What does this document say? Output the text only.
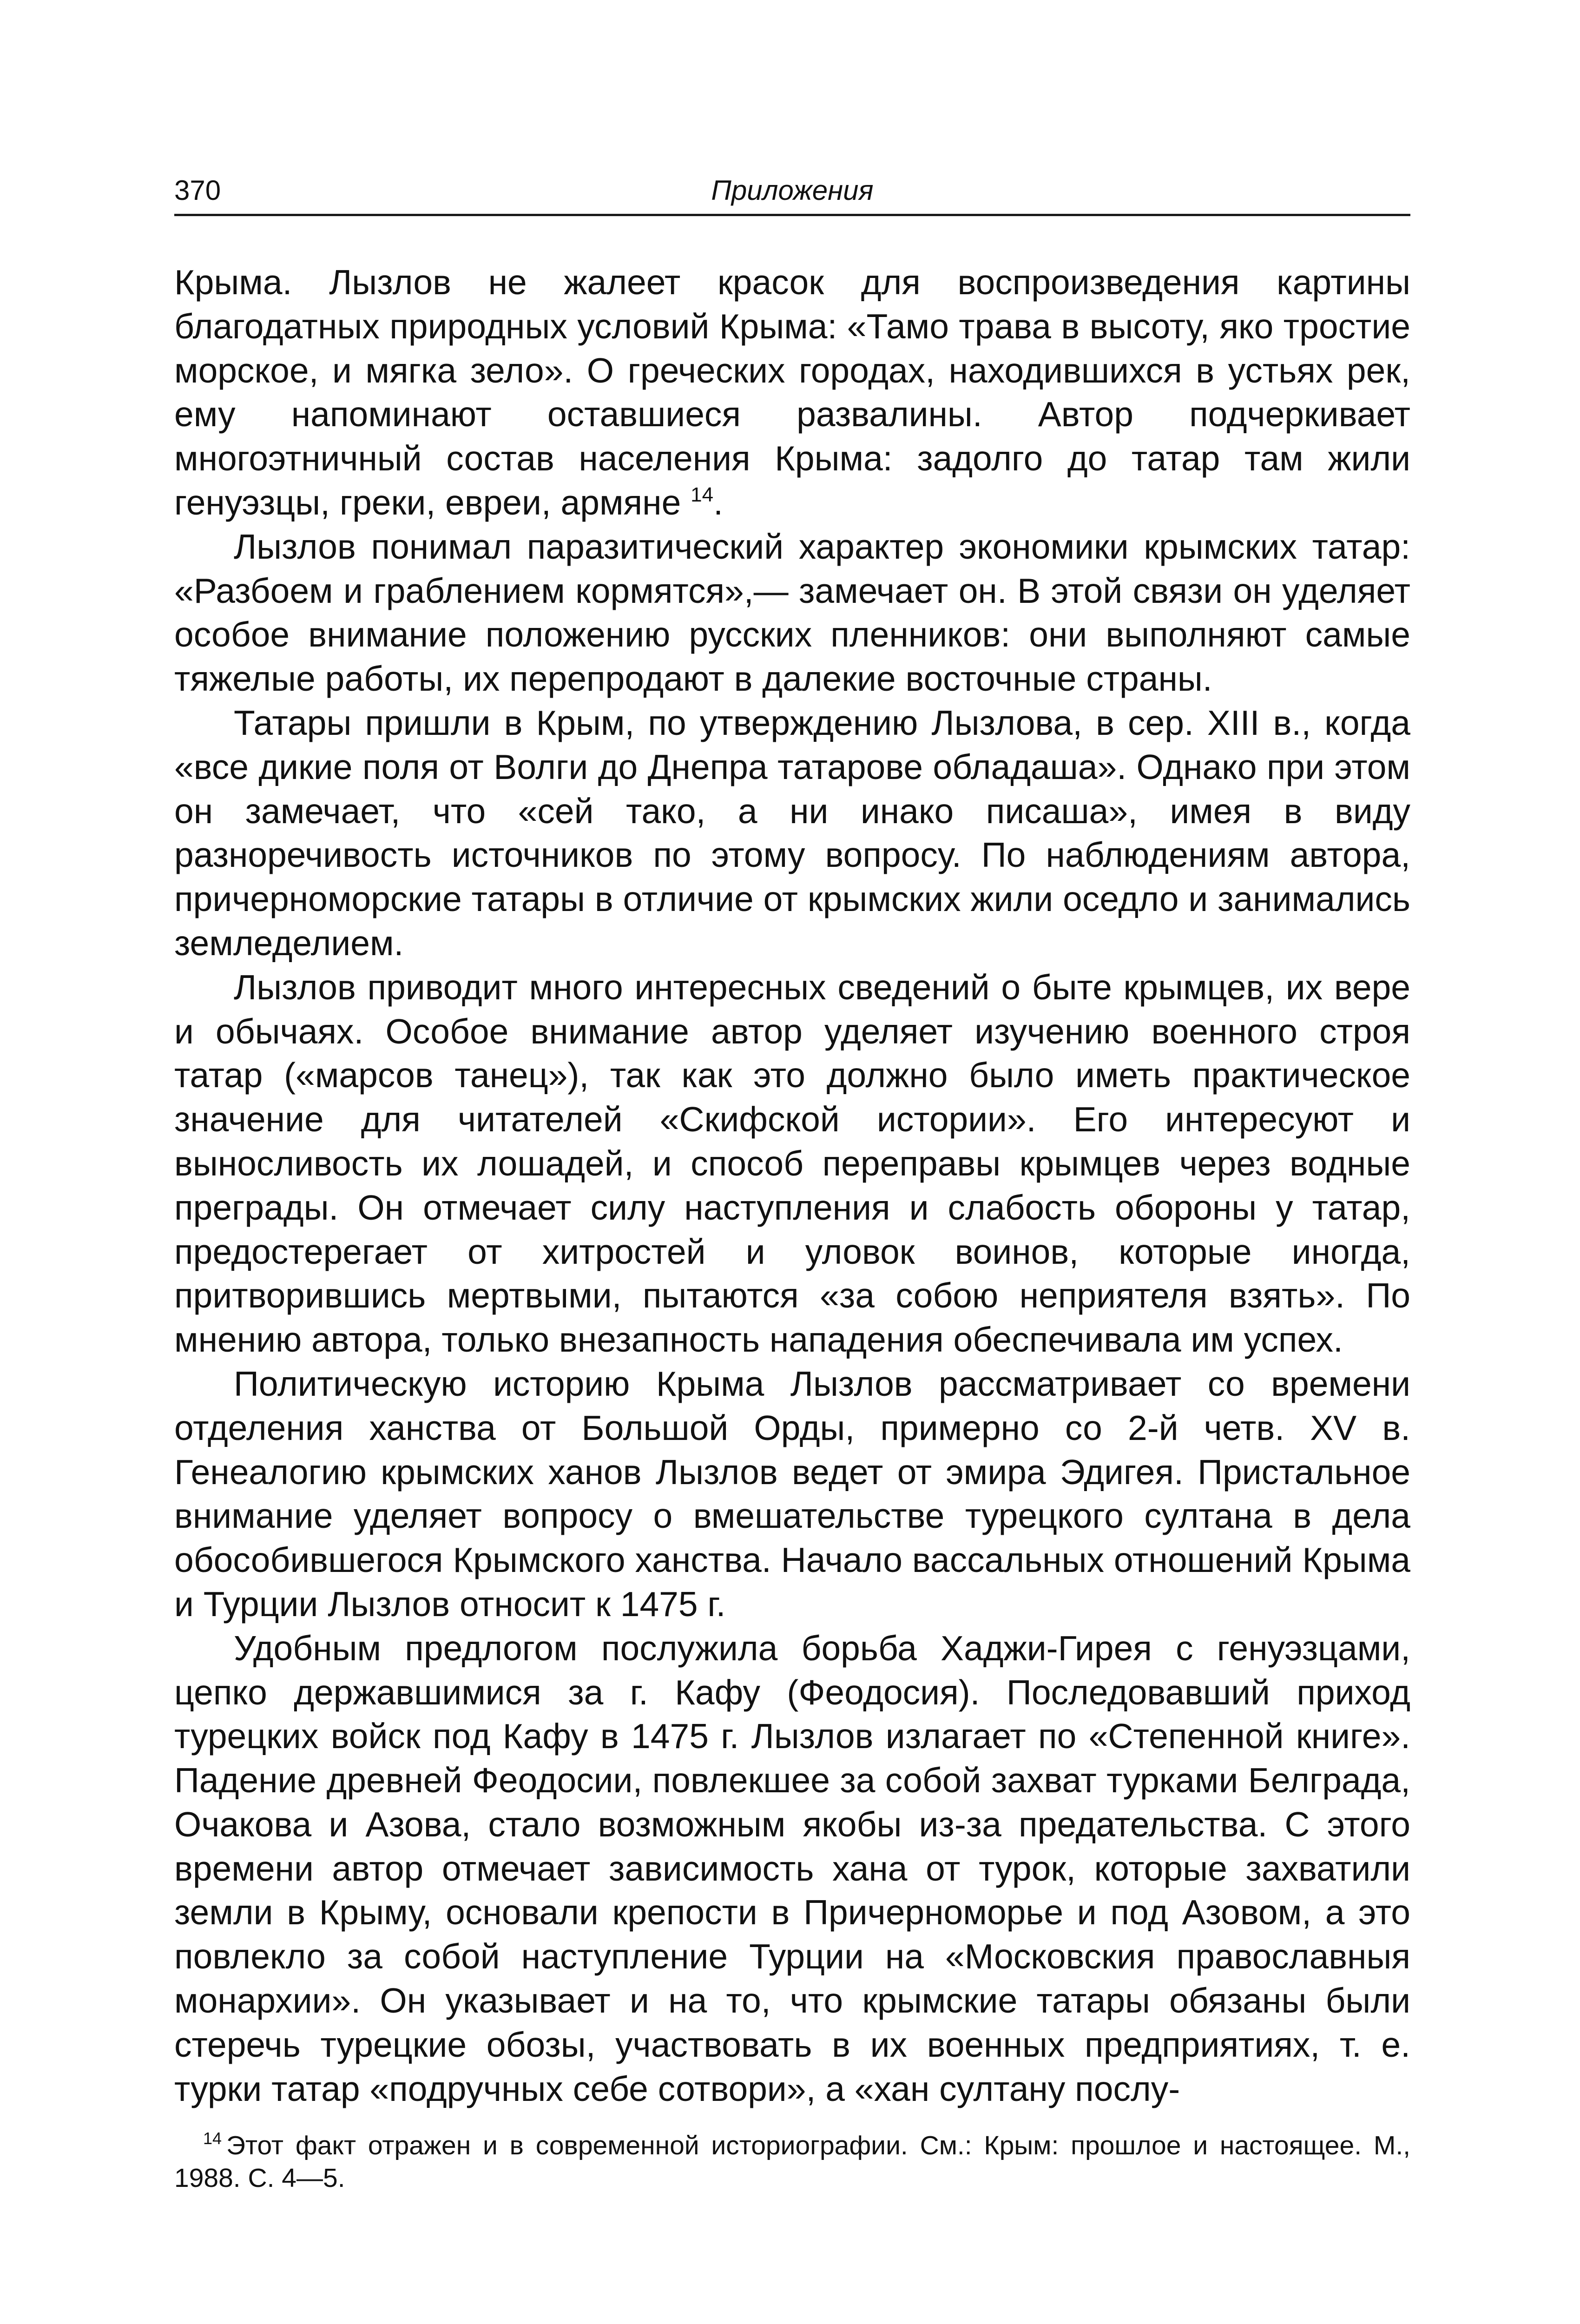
370	Приложения

Крыма. Лызлов не жалеет красок для воспроизведения картины благодатных природных условий Крыма: «Тамо трава в высоту, яко тростие морское, и мягка зело». О греческих городах, находившихся в устьях рек, ему напоминают оставшиеся развалины. Автор подчеркивает многоэтничный состав населения Крыма: задолго до татар там жили генуэзцы, греки, евреи, армяне $^{14}$.

Лызлов понимал паразитический характер экономики крымских татар: «Разбоем и граблением кормятся»,— замечает он. В этой связи он уделяет особое внимание положению русских пленников: они выполняют самые тяжелые работы, их перепродают в далекие восточные страны.

Татары пришли в Крым, по утверждению Лызлова, в сер. XIII в., когда «все дикие поля от Волги до Днепра татарове обладаша». Однако при этом он замечает, что «сей тако, а ни инако писаша», имея в виду разноречивость источников по этому вопросу. По наблюдениям автора, причерноморские татары в отличие от крымских жили оседло и занимались земледелием.

Лызлов приводит много интересных сведений о быте крымцев, их вере и обычаях. Особое внимание автор уделяет изучению военного строя татар («марсов танец»), так как это должно было иметь практическое значение для читателей «Скифской истории». Его интересуют и выносливость их лошадей, и способ переправы крымцев через водные преграды. Он отмечает силу наступления и слабость обороны у татар, предостерегает от хитростей и уловок воинов, которые иногда, притворившись мертвыми, пытаются «за собою неприятеля взять». По мнению автора, только внезапность нападения обеспечивала им успех.

Политическую историю Крыма Лызлов рассматривает со времени отделения ханства от Большой Орды, примерно со 2-й четв. XV в. Генеалогию крымских ханов Лызлов ведет от эмира Эдигея. Пристальное внимание уделяет вопросу о вмешательстве турецкого султана в дела обособившегося Крымского ханства. Начало вассальных отношений Крыма и Турции Лызлов относит к 1475 г.

Удобным предлогом послужила борьба Хаджи-Гирея с генуэзцами, цепко державшимися за г. Кафу (Феодосия). Последовавший приход турецких войск под Кафу в 1475 г. Лызлов излагает по «Степенной книге». Падение древней Феодосии, повлекшее за собой захват турками Белграда, Очакова и Азова, стало возможным якобы из-за предательства. С этого времени автор отмечает зависимость хана от турок, которые захватили земли в Крыму, основали крепости в Причерноморье и под Азовом, а это повлекло за собой наступление Турции на «Московския православныя монархии». Он указывает и на то, что крымские татары обязаны были стеречь турецкие обозы, участвовать в их военных предприятиях, т. е. турки татар «подручных себе сотвори», а «хан султану послу-

$^{14}$ Этот факт отражен и в современной историографии. См.: Крым: прошлое и настоящее. М., 1988. С. 4—5.
